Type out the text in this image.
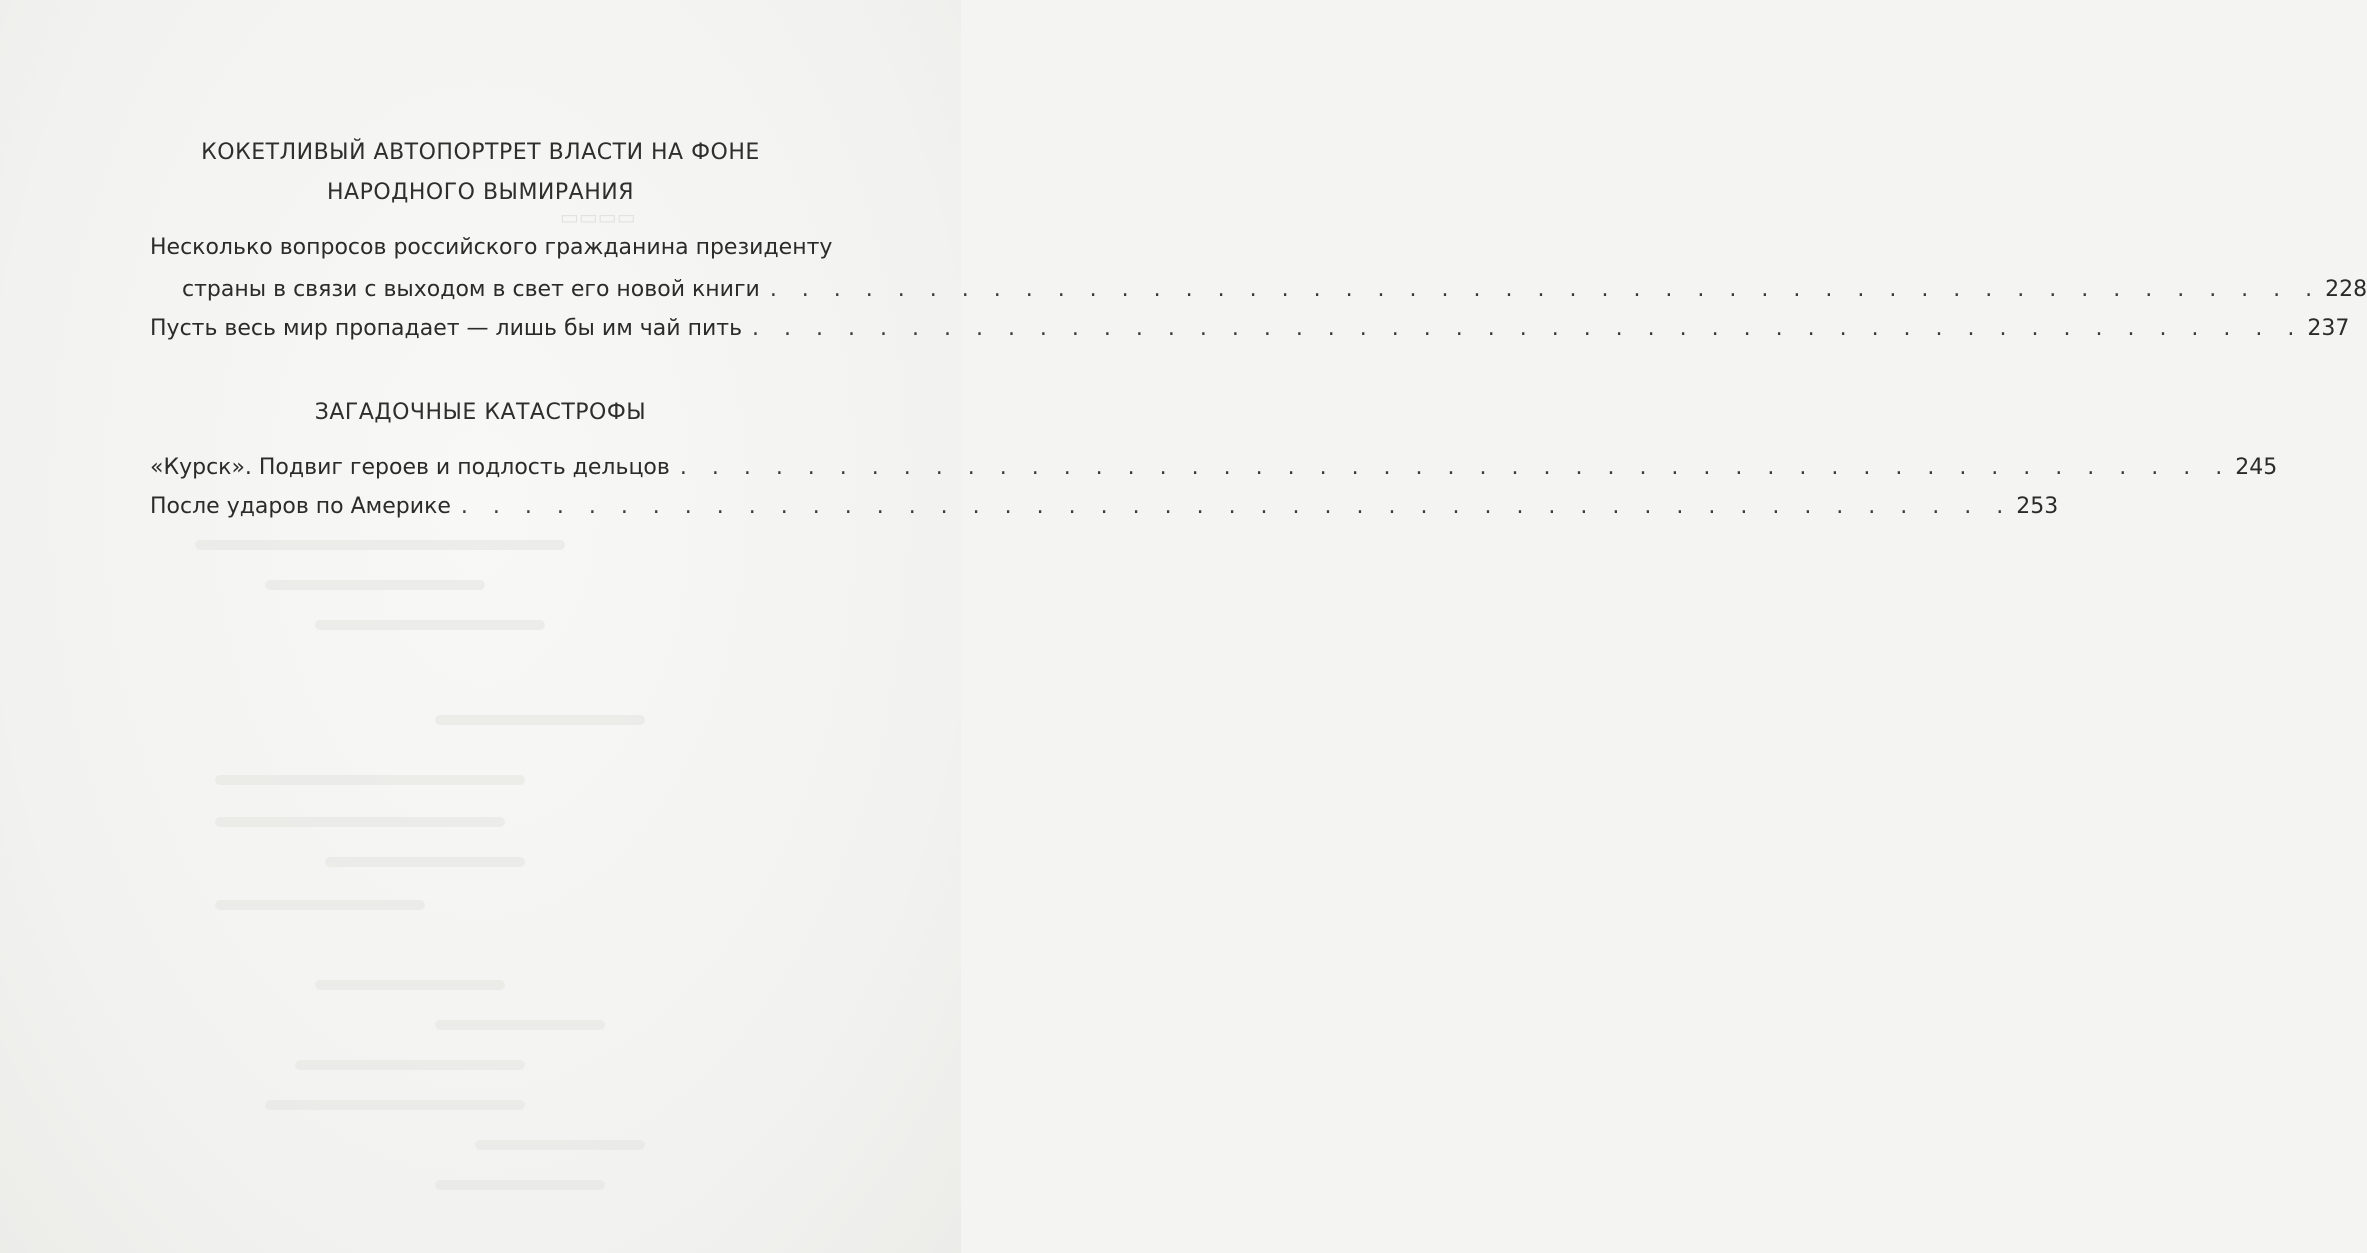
▭▭▭▭
КОКЕТЛИВЫЙ АВТОПОРТРЕТ ВЛАСТИ НА ФОНЕ
НАРОДНОГО ВЫМИРАНИЯ
Несколько вопросов российского гражданина президенту
страны в связи с выходом в свет его новой книги . . . . . . . . . . . . . . . . . . . . . . . . . . . . . . . . . . . . . . . . . . . . . . . . . 228
Пусть весь мир пропадает — лишь бы им чай пить . . . . . . . . . . . . . . . . . . . . . . . . . . . . . . . . . . . . . . . . . . . . . . . . . 237
ЗАГАДОЧНЫЕ КАТАСТРОФЫ
«Курск». Подвиг героев и подлость дельцов . . . . . . . . . . . . . . . . . . . . . . . . . . . . . . . . . . . . . . . . . . . . . . . . . 245
После ударов по Америке . . . . . . . . . . . . . . . . . . . . . . . . . . . . . . . . . . . . . . . . . . . . . . . . . 253
